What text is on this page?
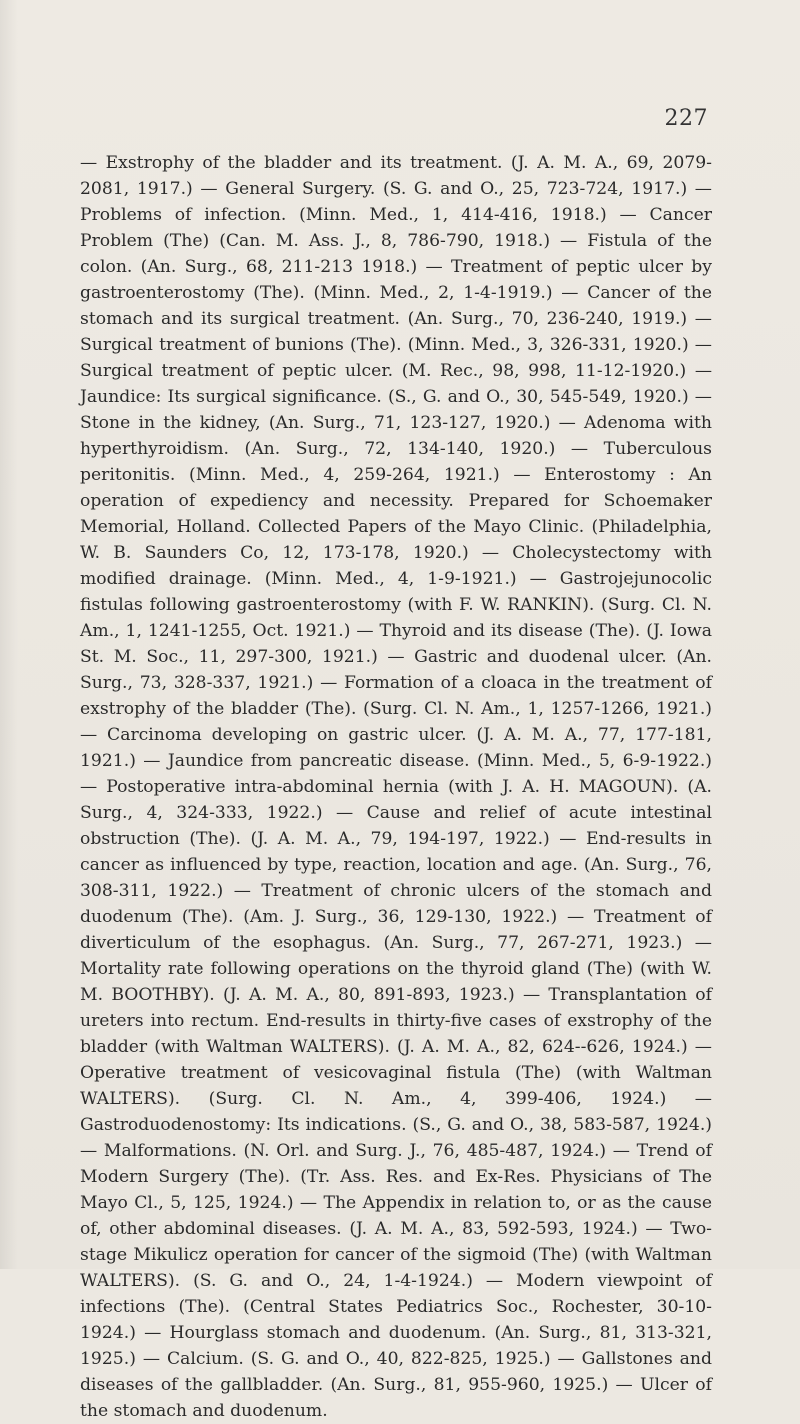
227

— Exstrophy of the bladder and its treatment. (J. A. M. A., 69, 2079-2081, 1917.) — General Surgery. (S. G. and O., 25, 723-724, 1917.) — Problems of infection. (Minn. Med., 1, 414-416, 1918.) — Cancer Problem (The) (Can. M. Ass. J., 8, 786-790, 1918.) — Fistula of the colon. (An. Surg., 68, 211-213 1918.) — Treatment of peptic ulcer by gastroenterostomy (The). (Minn. Med., 2, 1-4-1919.) — Cancer of the stomach and its surgical treatment. (An. Surg., 70, 236-240, 1919.) — Surgical treatment of bunions (The). (Minn. Med., 3, 326-331, 1920.) — Surgical treatment of peptic ulcer. (M. Rec., 98, 998, 11-12-1920.) — Jaundice: Its surgical significance. (S., G. and O., 30, 545-549, 1920.) — Stone in the kidney, (An. Surg., 71, 123-127, 1920.) — Adenoma with hyperthyroidism. (An. Surg., 72, 134-140, 1920.) — Tuberculous peritonitis. (Minn. Med., 4, 259-264, 1921.) — Enterostomy : An operation of expediency and necessity. Prepared for Schoemaker Memorial, Holland. Collected Papers of the Mayo Clinic. (Philadelphia, W. B. Saunders Co, 12, 173-178, 1920.) — Cholecystectomy with modified drainage. (Minn. Med., 4, 1-9-1921.) — Gastrojejunocolic fistulas following gastroenterostomy (with F. W. RANKIN). (Surg. Cl. N. Am., 1, 1241-1255, Oct. 1921.) — Thyroid and its disease (The). (J. Iowa St. M. Soc., 11, 297-300, 1921.) — Gastric and duodenal ulcer. (An. Surg., 73, 328-337, 1921.) — Formation of a cloaca in the treatment of exstrophy of the bladder (The). (Surg. Cl. N. Am., 1, 1257-1266, 1921.) — Carcinoma developing on gastric ulcer. (J. A. M. A., 77, 177-181, 1921.) — Jaundice from pancreatic disease. (Minn. Med., 5, 6-9-1922.) — Postoperative intra-abdominal hernia (with J. A. H. MAGOUN). (A. Surg., 4, 324-333, 1922.) — Cause and relief of acute intestinal obstruction (The). (J. A. M. A., 79, 194-197, 1922.) — End-results in cancer as influenced by type, reaction, location and age. (An. Surg., 76, 308-311, 1922.) — Treatment of chronic ulcers of the stomach and duodenum (The). (Am. J. Surg., 36, 129-130, 1922.) — Treatment of diverticulum of the esophagus. (An. Surg., 77, 267-271, 1923.) — Mortality rate following operations on the thyroid gland (The) (with W. M. BOOTHBY). (J. A. M. A., 80, 891-893, 1923.) — Transplantation of ureters into rectum. End-results in thirty-five cases of exstrophy of the bladder (with Waltman WALTERS). (J. A. M. A., 82, 624--626, 1924.) — Operative treatment of vesicovaginal fistula (The) (with Waltman WALTERS). (Surg. Cl. N. Am., 4, 399-406, 1924.) — Gastroduodenostomy: Its indications. (S., G. and O., 38, 583-587, 1924.) — Malformations. (N. Orl. and Surg. J., 76, 485-487, 1924.) — Trend of Modern Surgery (The). (Tr. Ass. Res. and Ex-Res. Physicians of The Mayo Cl., 5, 125, 1924.) — The Appendix in relation to, or as the cause of, other abdominal diseases. (J. A. M. A., 83, 592-593, 1924.) — Two-stage Mikulicz operation for cancer of the sigmoid (The) (with Waltman WALTERS). (S. G. and O., 24, 1-4-1924.) — Modern viewpoint of infections (The). (Central States Pediatrics Soc., Rochester, 30-10-1924.) — Hourglass stomach and duodenum. (An. Surg., 81, 313-321, 1925.) — Calcium. (S. G. and O., 40, 822-825, 1925.) — Gallstones and diseases of the gallbladder. (An. Surg., 81, 955-960, 1925.) — Ulcer of the stomach and duodenum.
